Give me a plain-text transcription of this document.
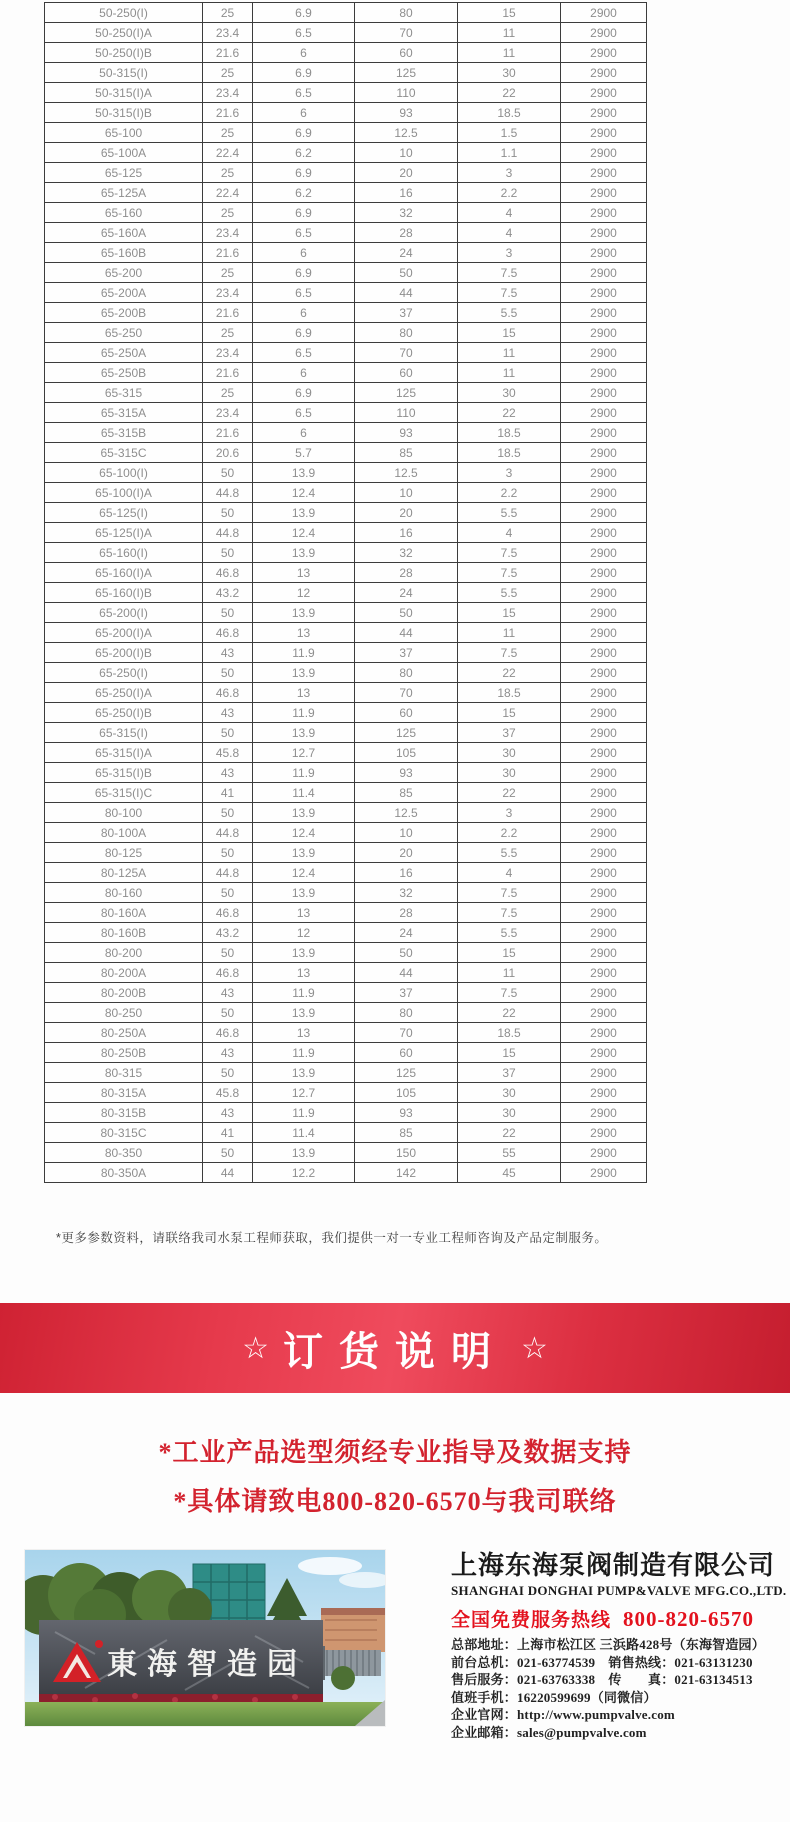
50-250(I)	25	6.9	80	15	2900
50-250(I)A	23.4	6.5	70	11	2900
50-250(I)B	21.6	6	60	11	2900
50-315(I)	25	6.9	125	30	2900
50-315(I)A	23.4	6.5	110	22	2900
50-315(I)B	21.6	6	93	18.5	2900
65-100	25	6.9	12.5	1.5	2900
65-100A	22.4	6.2	10	1.1	2900
65-125	25	6.9	20	3	2900
65-125A	22.4	6.2	16	2.2	2900
65-160	25	6.9	32	4	2900
65-160A	23.4	6.5	28	4	2900
65-160B	21.6	6	24	3	2900
65-200	25	6.9	50	7.5	2900
65-200A	23.4	6.5	44	7.5	2900
65-200B	21.6	6	37	5.5	2900
65-250	25	6.9	80	15	2900
65-250A	23.4	6.5	70	11	2900
65-250B	21.6	6	60	11	2900
65-315	25	6.9	125	30	2900
65-315A	23.4	6.5	110	22	2900
65-315B	21.6	6	93	18.5	2900
65-315C	20.6	5.7	85	18.5	2900
65-100(I)	50	13.9	12.5	3	2900
65-100(I)A	44.8	12.4	10	2.2	2900
65-125(I)	50	13.9	20	5.5	2900
65-125(I)A	44.8	12.4	16	4	2900
65-160(I)	50	13.9	32	7.5	2900
65-160(I)A	46.8	13	28	7.5	2900
65-160(I)B	43.2	12	24	5.5	2900
65-200(I)	50	13.9	50	15	2900
65-200(I)A	46.8	13	44	11	2900
65-200(I)B	43	11.9	37	7.5	2900
65-250(I)	50	13.9	80	22	2900
65-250(I)A	46.8	13	70	18.5	2900
65-250(I)B	43	11.9	60	15	2900
65-315(I)	50	13.9	125	37	2900
65-315(I)A	45.8	12.7	105	30	2900
65-315(I)B	43	11.9	93	30	2900
65-315(I)C	41	11.4	85	22	2900
80-100	50	13.9	12.5	3	2900
80-100A	44.8	12.4	10	2.2	2900
80-125	50	13.9	20	5.5	2900
80-125A	44.8	12.4	16	4	2900
80-160	50	13.9	32	7.5	2900
80-160A	46.8	13	28	7.5	2900
80-160B	43.2	12	24	5.5	2900
80-200	50	13.9	50	15	2900
80-200A	46.8	13	44	11	2900
80-200B	43	11.9	37	7.5	2900
80-250	50	13.9	80	22	2900
80-250A	46.8	13	70	18.5	2900
80-250B	43	11.9	60	15	2900
80-315	50	13.9	125	37	2900
80-315A	45.8	12.7	105	30	2900
80-315B	43	11.9	93	30	2900
80-315C	41	11.4	85	22	2900
80-350	50	13.9	150	55	2900
80-350A	44	12.2	142	45	2900
*更多参数资料，请联络我司水泵工程师获取，我们提供一对一专业工程师咨询及产品定制服务。
☆ 订货说明 ☆
*工业产品选型须经专业指导及数据支持
*具体请致电800-820-6570与我司联络
東海智造园
上海东海泵阀制造有限公司
SHANGHAI DONGHAI PUMP&VALVE MFG.CO.,LTD.
全国免费服务热线 800-820-6570
总部地址：上海市松江区 三浜路428号（东海智造园）
前台总机：021-63774539　销售热线：021-63131230
售后服务：021-63763338　传　　真：021-63134513
值班手机：16220599699（同微信）
企业官网：http://www.pumpvalve.com
企业邮箱：sales@pumpvalve.com
